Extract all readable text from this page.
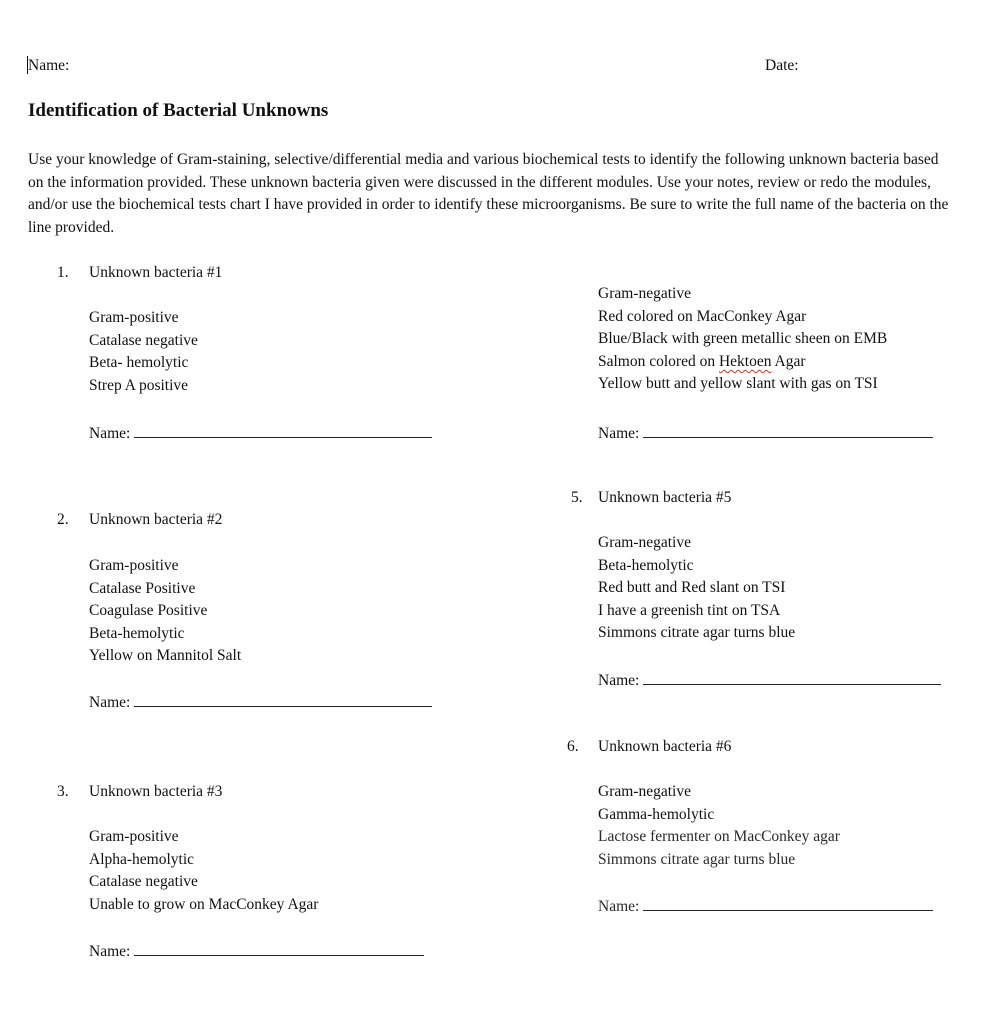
Name:	Date:
Identification of Bacterial Unknowns
Use your knowledge of Gram-staining, selective/differential media and various biochemical tests to identify the following unknown bacteria based on the information provided. These unknown bacteria given were discussed in the different modules. Use your notes, review or redo the modules, and/or use the biochemical tests chart I have provided in order to identify these microorganisms. Be sure to write the full name of the bacteria on the line provided.
1. Unknown bacteria #1
Gram-positive
Catalase negative
Beta- hemolytic
Strep A positive
Name:
2. Unknown bacteria #2
Gram-positive
Catalase Positive
Coagulase Positive
Beta-hemolytic
Yellow on Mannitol Salt
Name:
3. Unknown bacteria #3
Gram-positive
Alpha-hemolytic
Catalase negative
Unable to grow on MacConkey Agar
Name:
Gram-negative
Red colored on MacConkey Agar
Blue/Black with green metallic sheen on EMB
Salmon colored on Hektoen Agar
Yellow butt and yellow slant with gas on TSI
Name:
5. Unknown bacteria #5
Gram-negative
Beta-hemolytic
Red butt and Red slant on TSI
I have a greenish tint on TSA
Simmons citrate agar turns blue
Name:
6. Unknown bacteria #6
Gram-negative
Gamma-hemolytic
Lactose fermenter on MacConkey agar
Simmons citrate agar turns blue
Name:
